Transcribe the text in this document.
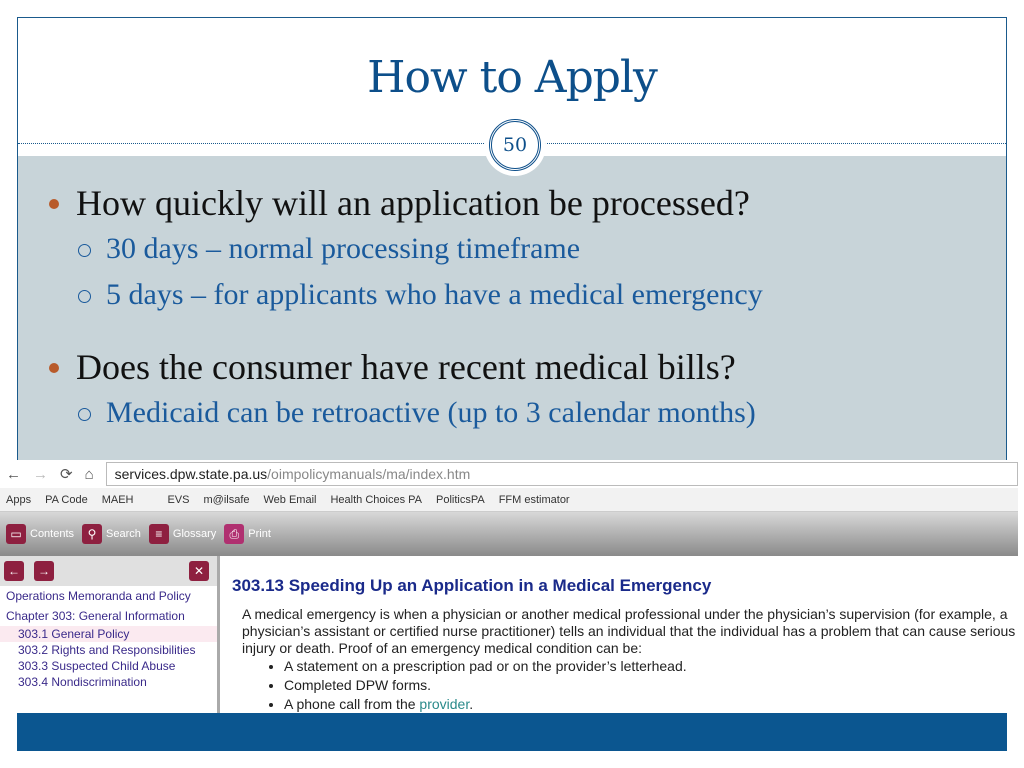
How to Apply
How quickly will an application be processed?
30 days – normal processing timeframe
5 days – for applicants who have a medical emergency
Does the consumer have recent medical bills?
Medicaid can be retroactive (up to 3 calendar months)
50
← → ⟳ ⌂ services.dpw.state.pa.us /oimpolicymanuals/ma/index.htm
Apps PA Code MAEH	EVS m@ilsafe Web Email Health Choices PA PoliticsPA FFM estimator
▭ Contents	⚲ Search	≡ Glossary	⎙ Print
←	→	✕
Operations Memoranda and Policy
Chapter 303: General Information
303.1 General Policy
303.2 Rights and Responsibilities
303.3 Suspected Child Abuse
303.4 Nondiscrimination
303.13 Speeding Up an Application in a Medical Emergency

A medical emergency is when a physician or another medical professional under the physician’s supervision (for example, a physician’s assistant or certified nurse practitioner) tells an individual that the individual has a problem that can cause serious injury or death. Proof of an emergency medical condition can be:

• A statement on a prescription pad or on the provider’s letterhead.
• Completed DPW forms.
• A phone call from the provider.
